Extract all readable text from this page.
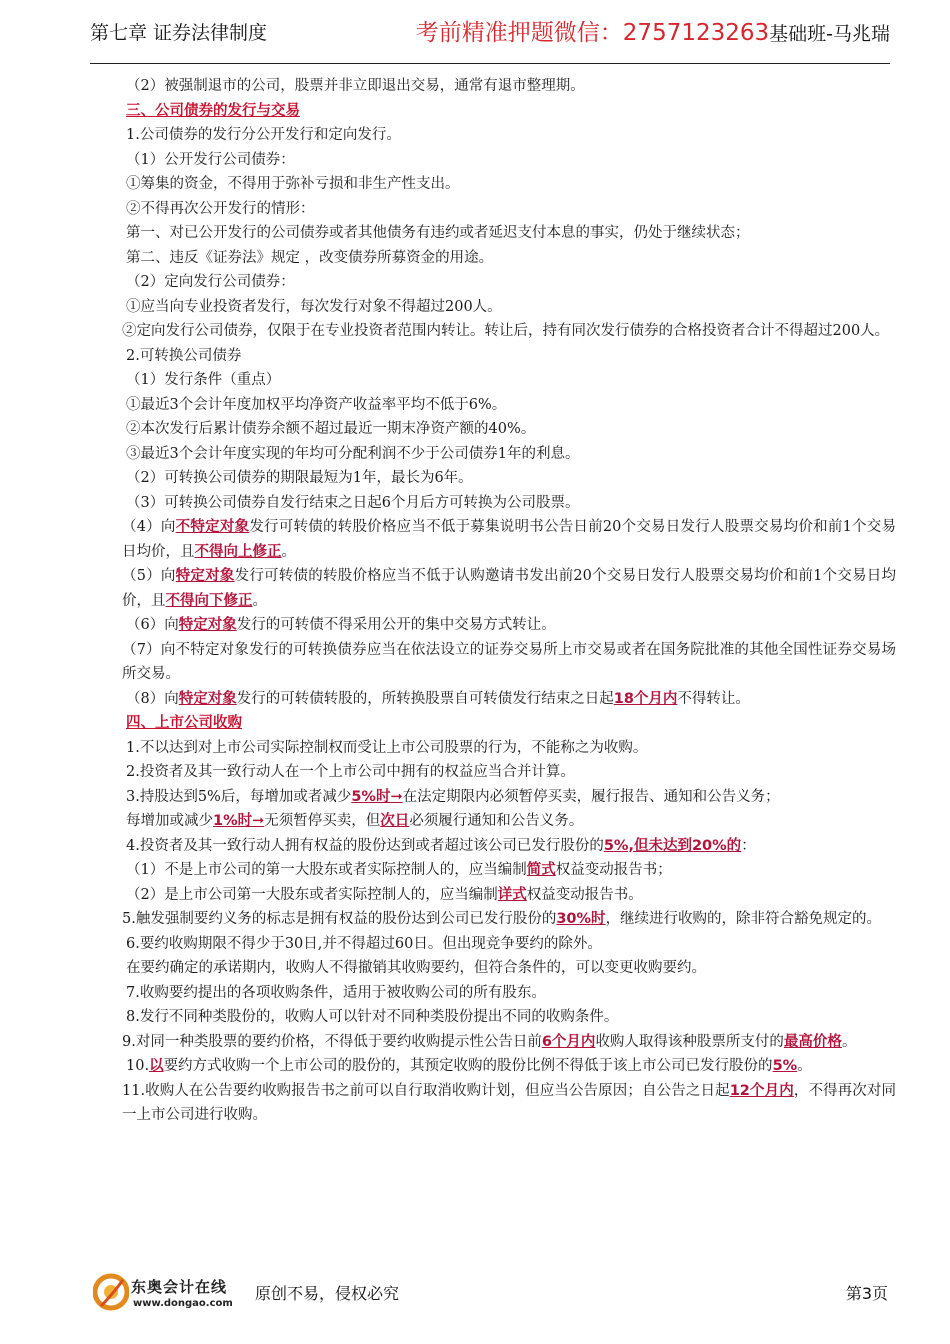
第七章 证券法律制度	考前精准押题微信：2757123263基础班-马兆瑞

（2）被强制退市的公司，股票并非立即退出交易，通常有退市整理期。

三、公司债券的发行与交易

1.公司债券的发行分公开发行和定向发行。

（1）公开发行公司债券：

①筹集的资金，不得用于弥补亏损和非生产性支出。

②不得再次公开发行的情形：

第一、对已公开发行的公司债券或者其他债务有违约或者延迟支付本息的事实，仍处于继续状态；

第二、违反《证券法》规定 ，改变债券所募资金的用途。

（2）定向发行公司债券：

①应当向专业投资者发行，每次发行对象不得超过200人。

②定向发行公司债券，仅限于在专业投资者范围内转让。转让后，持有同次发行债券的合格投资者合计不得超过200人。

2.可转换公司债券

（1）发行条件（重点）

①最近3个会计年度加权平均净资产收益率平均不低于6%。

②本次发行后累计债券余额不超过最近一期末净资产额的40%。

③最近3个会计年度实现的年均可分配利润不少于公司债券1年的利息。

（2）可转换公司债券的期限最短为1年，最长为6年。

（3）可转换公司债券自发行结束之日起6个月后方可转换为公司股票。

（4）向不特定对象发行可转债的转股价格应当不低于募集说明书公告日前20个交易日发行人股票交易均价和前1个交易日均价，且不得向上修正。

（5）向特定对象发行可转债的转股价格应当不低于认购邀请书发出前20个交易日发行人股票交易均价和前1个交易日均价，且不得向下修正。

（6）向特定对象发行的可转债不得采用公开的集中交易方式转让。

（7）向不特定对象发行的可转换债券应当在依法设立的证券交易所上市交易或者在国务院批准的其他全国性证券交易场所交易。

（8）向特定对象发行的可转债转股的，所转换股票自可转债发行结束之日起18个月内不得转让。

四、上市公司收购

1.不以达到对上市公司实际控制权而受让上市公司股票的行为，不能称之为收购。

2.投资者及其一致行动人在一个上市公司中拥有的权益应当合并计算。

3.持股达到5%后，每增加或者减少5%时➞在法定期限内必须暂停买卖，履行报告、通知和公告义务；

每增加或减少1%时➞无须暂停买卖，但次日必须履行通知和公告义务。

4.投资者及其一致行动人拥有权益的股份达到或者超过该公司已发行股份的5%,但未达到20%的：

（1）不是上市公司的第一大股东或者实际控制人的，应当编制简式权益变动报告书；

（2）是上市公司第一大股东或者实际控制人的，应当编制详式权益变动报告书。

5.触发强制要约义务的标志是拥有权益的股份达到公司已发行股份的30%时，继续进行收购的，除非符合豁免规定的。

6.要约收购期限不得少于30日,并不得超过60日。但出现竞争要约的除外。

在要约确定的承诺期内，收购人不得撤销其收购要约，但符合条件的，可以变更收购要约。

7.收购要约提出的各项收购条件，适用于被收购公司的所有股东。

8.发行不同种类股份的，收购人可以针对不同种类股份提出不同的收购条件。

9.对同一种类股票的要约价格，不得低于要约收购提示性公告日前6个月内收购人取得该种股票所支付的最高价格。

10.以要约方式收购一个上市公司的股份的，其预定收购的股份比例不得低于该上市公司已发行股份的5%。

11.收购人在公告要约收购报告书之前可以自行取消收购计划，但应当公告原因；自公告之日起12个月内，不得再次对同一上市公司进行收购。

东奥会计在线
www.dongao.com
原创不易，侵权必究	第3页
